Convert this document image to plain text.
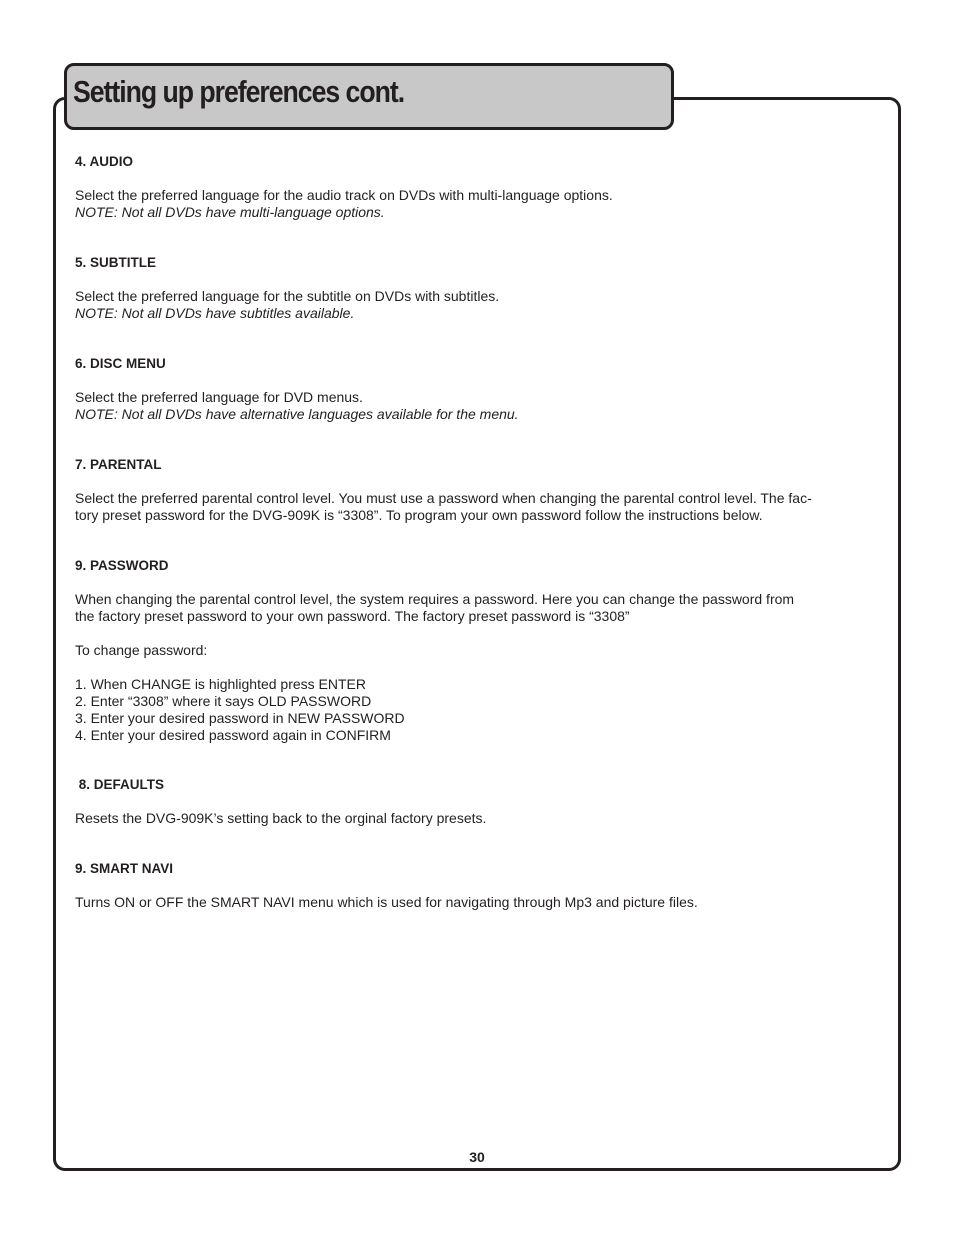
Setting up preferences cont.
4. AUDIO
Select the preferred language for the audio track on DVDs with multi-language options.
NOTE: Not all DVDs have multi-language options.
5. SUBTITLE
Select the preferred language for the subtitle on DVDs with subtitles.
NOTE: Not all DVDs have subtitles available.
6. DISC MENU
Select the preferred language for DVD menus.
NOTE: Not all DVDs have alternative languages available for the menu.
7. PARENTAL
Select the preferred parental control level. You must use a password when changing the parental control level. The fac-
tory preset password for the DVG-909K is “3308”. To program your own password follow the instructions below.
9. PASSWORD
When changing the parental control level, the system requires a password. Here you can change the password from
the factory preset password to your own password. The factory preset password is “3308”
To change password:
1. When CHANGE is highlighted press ENTER
2. Enter “3308” where it says OLD PASSWORD
3. Enter your desired password in NEW PASSWORD
4. Enter your desired password again in CONFIRM
8. DEFAULTS
Resets the DVG-909K’s setting back to the orginal factory presets.
9. SMART NAVI
Turns ON or OFF the SMART NAVI menu which is used for navigating through Mp3 and picture files.
30
